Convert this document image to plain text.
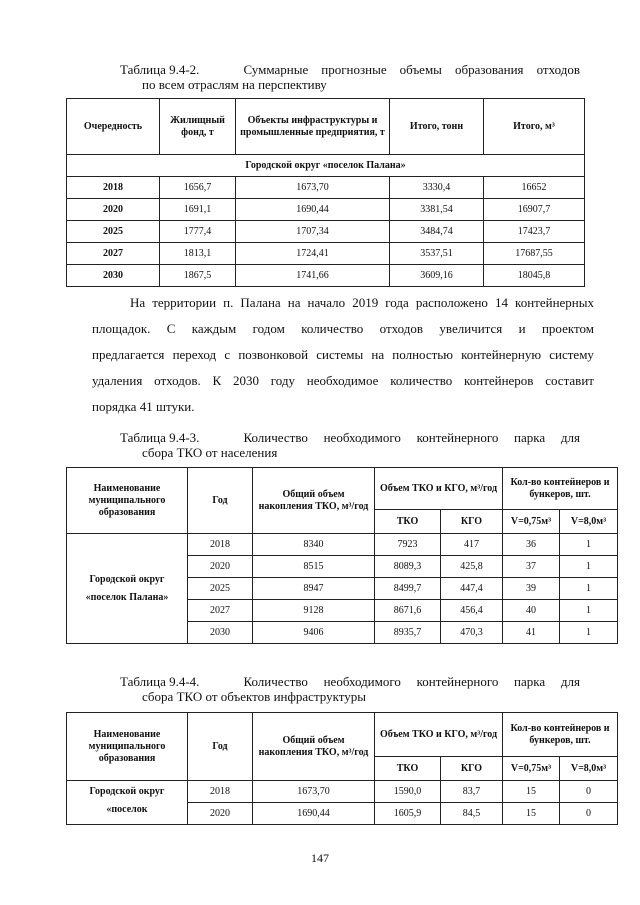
Таблица 9.4-2.	Суммарные прогнозные объемы образования отходов
по всем отраслям на перспективу
Очередность	Жилищный фонд, т	Объекты инфраструктуры и промышленные предприятия, т	Итого, тонн	Итого, м³
Городской округ «поселок Палана»				
2018	1656,7	1673,70	3330,4	16652
2020	1691,1	1690,44	3381,54	16907,7
2025	1777,4	1707,34	3484,74	17423,7
2027	1813,1	1724,41	3537,51	17687,55
2030	1867,5	1741,66	3609,16	18045,8
На территории п. Палана на начало 2019 года расположено 14 контейнерных
площадок. С каждым годом количество отходов увеличится и проектом
предлагается переход с позвонковой системы на полностью контейнерную систему
удаления отходов. К 2030 году необходимое количество контейнеров составит
порядка 41 штуки.
Таблица 9.4-3.	Количество необходимого контейнерного парка для
сбора ТКО от населения
Наименование муниципального образования	Год	Общий объем накопления ТКО, м³/год	Объем ТКО и КГО, м³/год		Кол-во контейнеров и бункеров, шт.	
			ТКО	КГО	V=0,75м³	V=8,0м³
Городской округ «поселок Палана»	2018	8340	7923	417	36	1
	2020	8515	8089,3	425,8	37	1
	2025	8947	8499,7	447,4	39	1
	2027	9128	8671,6	456,4	40	1
	2030	9406	8935,7	470,3	41	1
Таблица 9.4-4.	Количество необходимого контейнерного парка для
сбора ТКО от объектов инфраструктуры
Наименование муниципального образования	Год	Общий объем накопления ТКО, м³/год	Объем ТКО и КГО, м³/год		Кол-во контейнеров и бункеров, шт.	
			ТКО	КГО	V=0,75м³	V=8,0м³
Городской округ «поселок	2018	1673,70	1590,0	83,7	15	0
	2020	1690,44	1605,9	84,5	15	0
147
